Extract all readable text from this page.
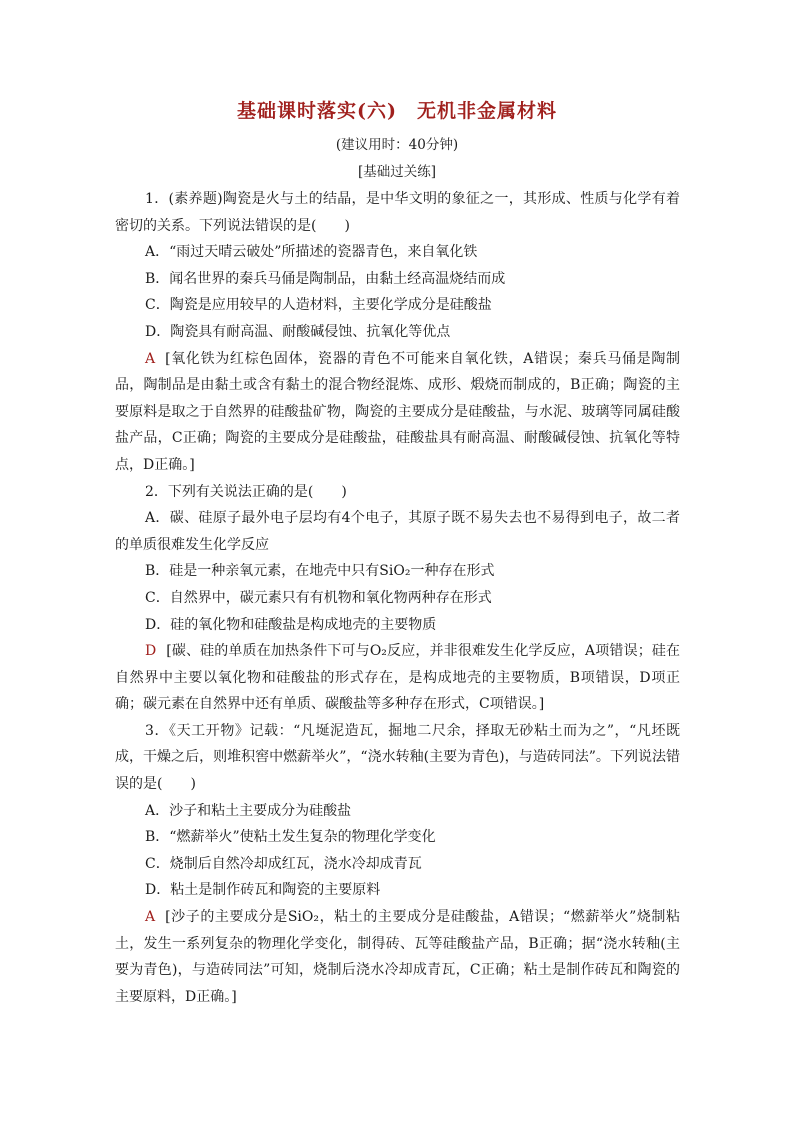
基础课时落实(六)　无机非金属材料
(建议用时：40分钟)
[基础过关练]

1．(素养题)陶瓷是火与土的结晶，是中华文明的象征之一，其形成、性质与化学有着密切的关系。下列说法错误的是(　　)

A．“雨过天晴云破处”所描述的瓷器青色，来自氧化铁

B．闻名世界的秦兵马俑是陶制品，由黏土经高温烧结而成

C．陶瓷是应用较早的人造材料，主要化学成分是硅酸盐

D．陶瓷具有耐高温、耐酸碱侵蚀、抗氧化等优点

A [氧化铁为红棕色固体，瓷器的青色不可能来自氧化铁，A错误；秦兵马俑是陶制品，陶制品是由黏土或含有黏土的混合物经混炼、成形、煅烧而制成的，B正确；陶瓷的主要原料是取之于自然界的硅酸盐矿物，陶瓷的主要成分是硅酸盐，与水泥、玻璃等同属硅酸盐产品，C正确；陶瓷的主要成分是硅酸盐，硅酸盐具有耐高温、耐酸碱侵蚀、抗氧化等特点，D正确。]

2．下列有关说法正确的是(　　)

A．碳、硅原子最外电子层均有4个电子，其原子既不易失去也不易得到电子，故二者的单质很难发生化学反应

B．硅是一种亲氧元素，在地壳中只有SiO₂一种存在形式

C．自然界中，碳元素只有有机物和氧化物两种存在形式

D．硅的氧化物和硅酸盐是构成地壳的主要物质

D [碳、硅的单质在加热条件下可与O₂反应，并非很难发生化学反应，A项错误；硅在自然界中主要以氧化物和硅酸盐的形式存在，是构成地壳的主要物质，B项错误，D项正确；碳元素在自然界中还有单质、碳酸盐等多种存在形式，C项错误。]

3．《天工开物》记载：“凡埏泥造瓦，掘地二尺余，择取无砂粘土而为之”，“凡坯既成，干燥之后，则堆积窖中燃薪举火”，“浇水转釉(主要为青色)，与造砖同法”。下列说法错误的是(　　)

A．沙子和粘土主要成分为硅酸盐

B．“燃薪举火”使粘土发生复杂的物理化学变化

C．烧制后自然冷却成红瓦，浇水冷却成青瓦

D．粘土是制作砖瓦和陶瓷的主要原料

A [沙子的主要成分是SiO₂，粘土的主要成分是硅酸盐，A错误；“燃薪举火”烧制粘土，发生一系列复杂的物理化学变化，制得砖、瓦等硅酸盐产品，B正确；据“浇水转釉(主要为青色)，与造砖同法”可知，烧制后浇水冷却成青瓦，C正确；粘土是制作砖瓦和陶瓷的主要原料，D正确。]
